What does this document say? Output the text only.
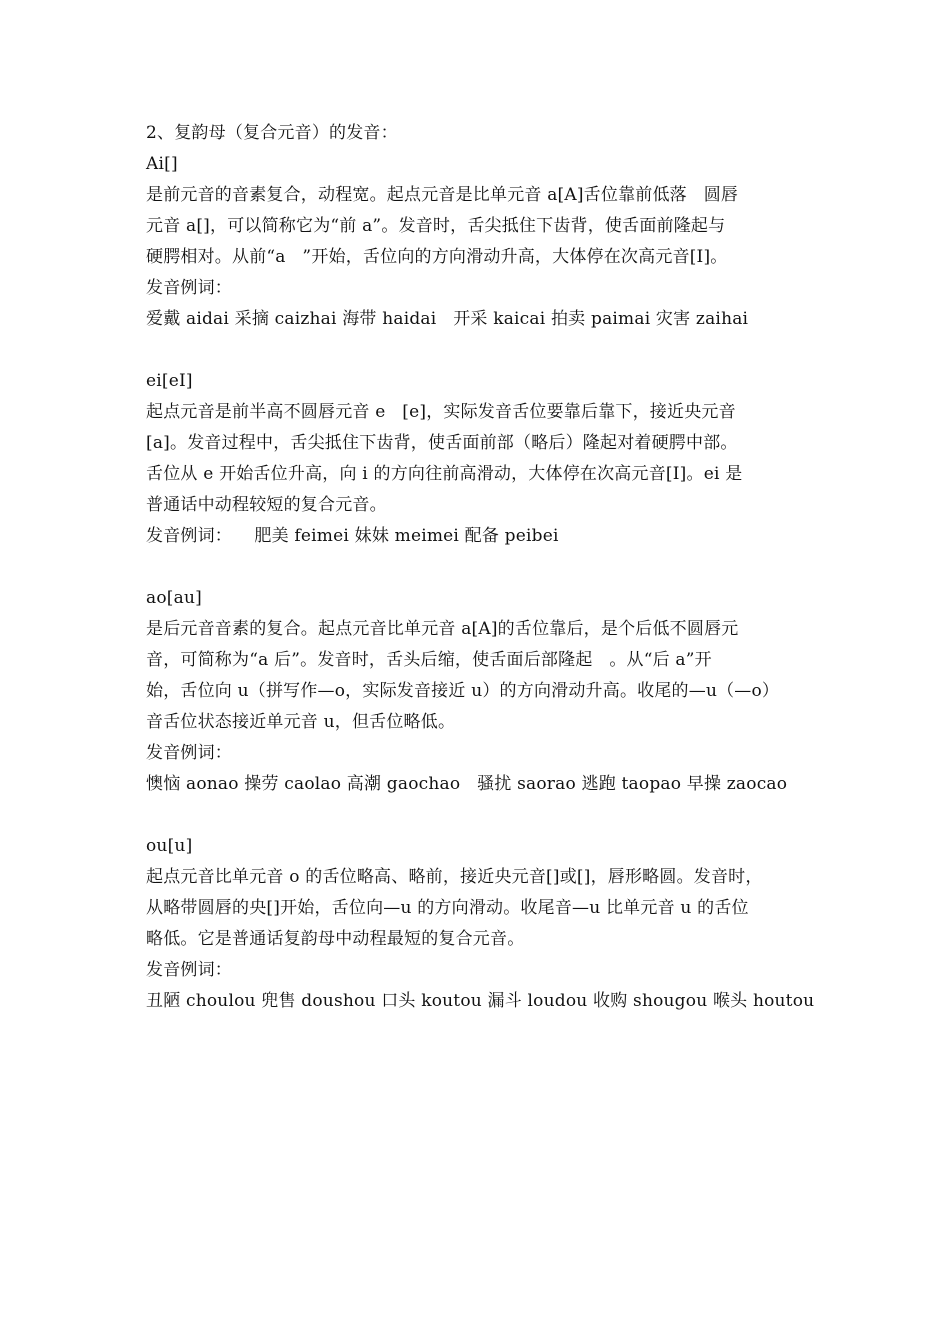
2、复韵母（复合元音）的发音：
Ai[]
是前元音的音素复合，动程宽。起点元音是比单元音 a[A]舌位靠前低落   圆唇
元音 a[]，可以简称它为“前 a”。发音时，舌尖抵住下齿背，使舌面前隆起与
硬腭相对。从前“a   ”开始，舌位向的方向滑动升高，大体停在次高元音[I]。
发音例词：
爱戴 aidai 采摘 caizhai 海带 haidai   开采 kaicai 拍卖 paimai 灾害 zaihai
ei[eI]
起点元音是前半高不圆唇元音 e   [e]，实际发音舌位要靠后靠下，接近央元音
[a]。发音过程中，舌尖抵住下齿背，使舌面前部（略后）隆起对着硬腭中部。
舌位从 e 开始舌位升高，向 i 的方向往前高滑动，大体停在次高元音[I]。ei 是
普通话中动程较短的复合元音。
发音例词：    肥美 feimei 妹妹 meimei 配备 peibei
ao[au]
是后元音音素的复合。起点元音比单元音 a[A]的舌位靠后，是个后低不圆唇元
音，可简称为“a 后”。发音时，舌头后缩，使舌面后部隆起   。从“后 a”开
始，舌位向 u（拼写作—o，实际发音接近 u）的方向滑动升高。收尾的—u（—o）
音舌位状态接近单元音 u，但舌位略低。
发音例词：
懊恼 aonao 操劳 caolao 高潮 gaochao   骚扰 saorao 逃跑 taopao 早操 zaocao
ou[u]
起点元音比单元音 o 的舌位略高、略前，接近央元音[]或[]，唇形略圆。发音时，
从略带圆唇的央[]开始，舌位向—u 的方向滑动。收尾音—u 比单元音 u 的舌位
略低。它是普通话复韵母中动程最短的复合元音。
发音例词：
丑陋 choulou 兜售 doushou 口头 koutou 漏斗 loudou 收购 shougou 喉头 houtou
